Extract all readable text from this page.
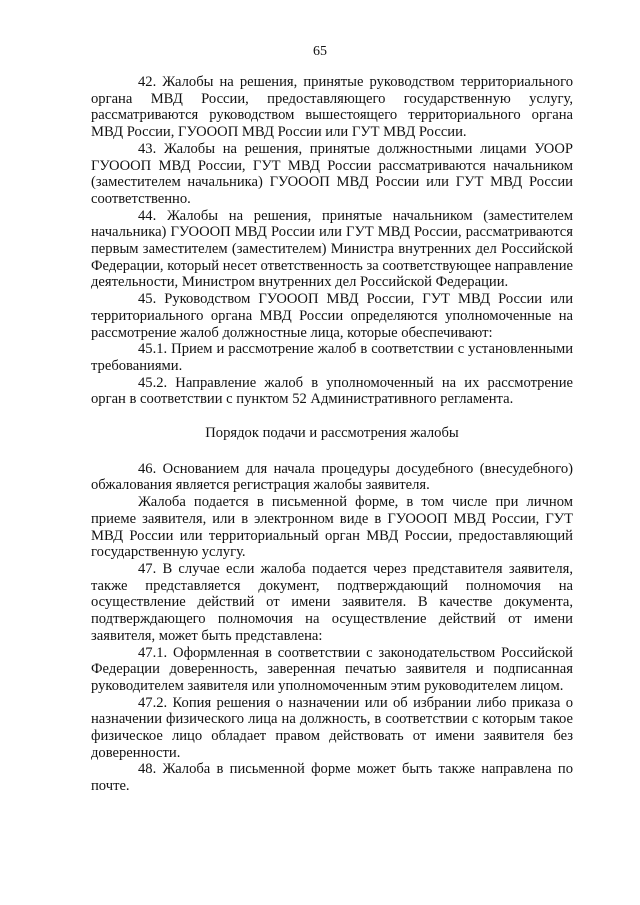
65

42. Жалобы на решения, принятые руководством территориального органа МВД России, предоставляющего государственную услугу, рассматриваются руководством вышестоящего территориального органа МВД России, ГУОООП МВД России или ГУТ МВД России.

43. Жалобы на решения, принятые должностными лицами УООР ГУОООП МВД России, ГУТ МВД России рассматриваются начальником (заместителем начальника) ГУОООП МВД России или ГУТ МВД России соответственно.

44. Жалобы на решения, принятые начальником (заместителем начальника) ГУОООП МВД России или ГУТ МВД России, рассматриваются первым заместителем (заместителем) Министра внутренних дел Российской Федерации, который несет ответственность за соответствующее направление деятельности, Министром внутренних дел Российской Федерации.

45. Руководством ГУОООП МВД России, ГУТ МВД России или территориального органа МВД России определяются уполномоченные на рассмотрение жалоб должностные лица, которые обеспечивают:

45.1. Прием и рассмотрение жалоб в соответствии с установленными требованиями.

45.2. Направление жалоб в уполномоченный на их рассмотрение орган в соответствии с пунктом 52 Административного регламента.

Порядок подачи и рассмотрения жалобы

46. Основанием для начала процедуры досудебного (внесудебного) обжалования является регистрация жалобы заявителя.

Жалоба подается в письменной форме, в том числе при личном приеме заявителя, или в электронном виде в ГУОООП МВД России, ГУТ МВД России или территориальный орган МВД России, предоставляющий государственную услугу.

47. В случае если жалоба подается через представителя заявителя, также представляется документ, подтверждающий полномочия на осуществление действий от имени заявителя. В качестве документа, подтверждающего полномочия на осуществление действий от имени заявителя, может быть представлена:

47.1. Оформленная в соответствии с законодательством Российской Федерации доверенность, заверенная печатью заявителя и подписанная руководителем заявителя или уполномоченным этим руководителем лицом.

47.2. Копия решения о назначении или об избрании либо приказа о назначении физического лица на должность, в соответствии с которым такое физическое лицо обладает правом действовать от имени заявителя без доверенности.

48. Жалоба в письменной форме может быть также направлена по почте.
